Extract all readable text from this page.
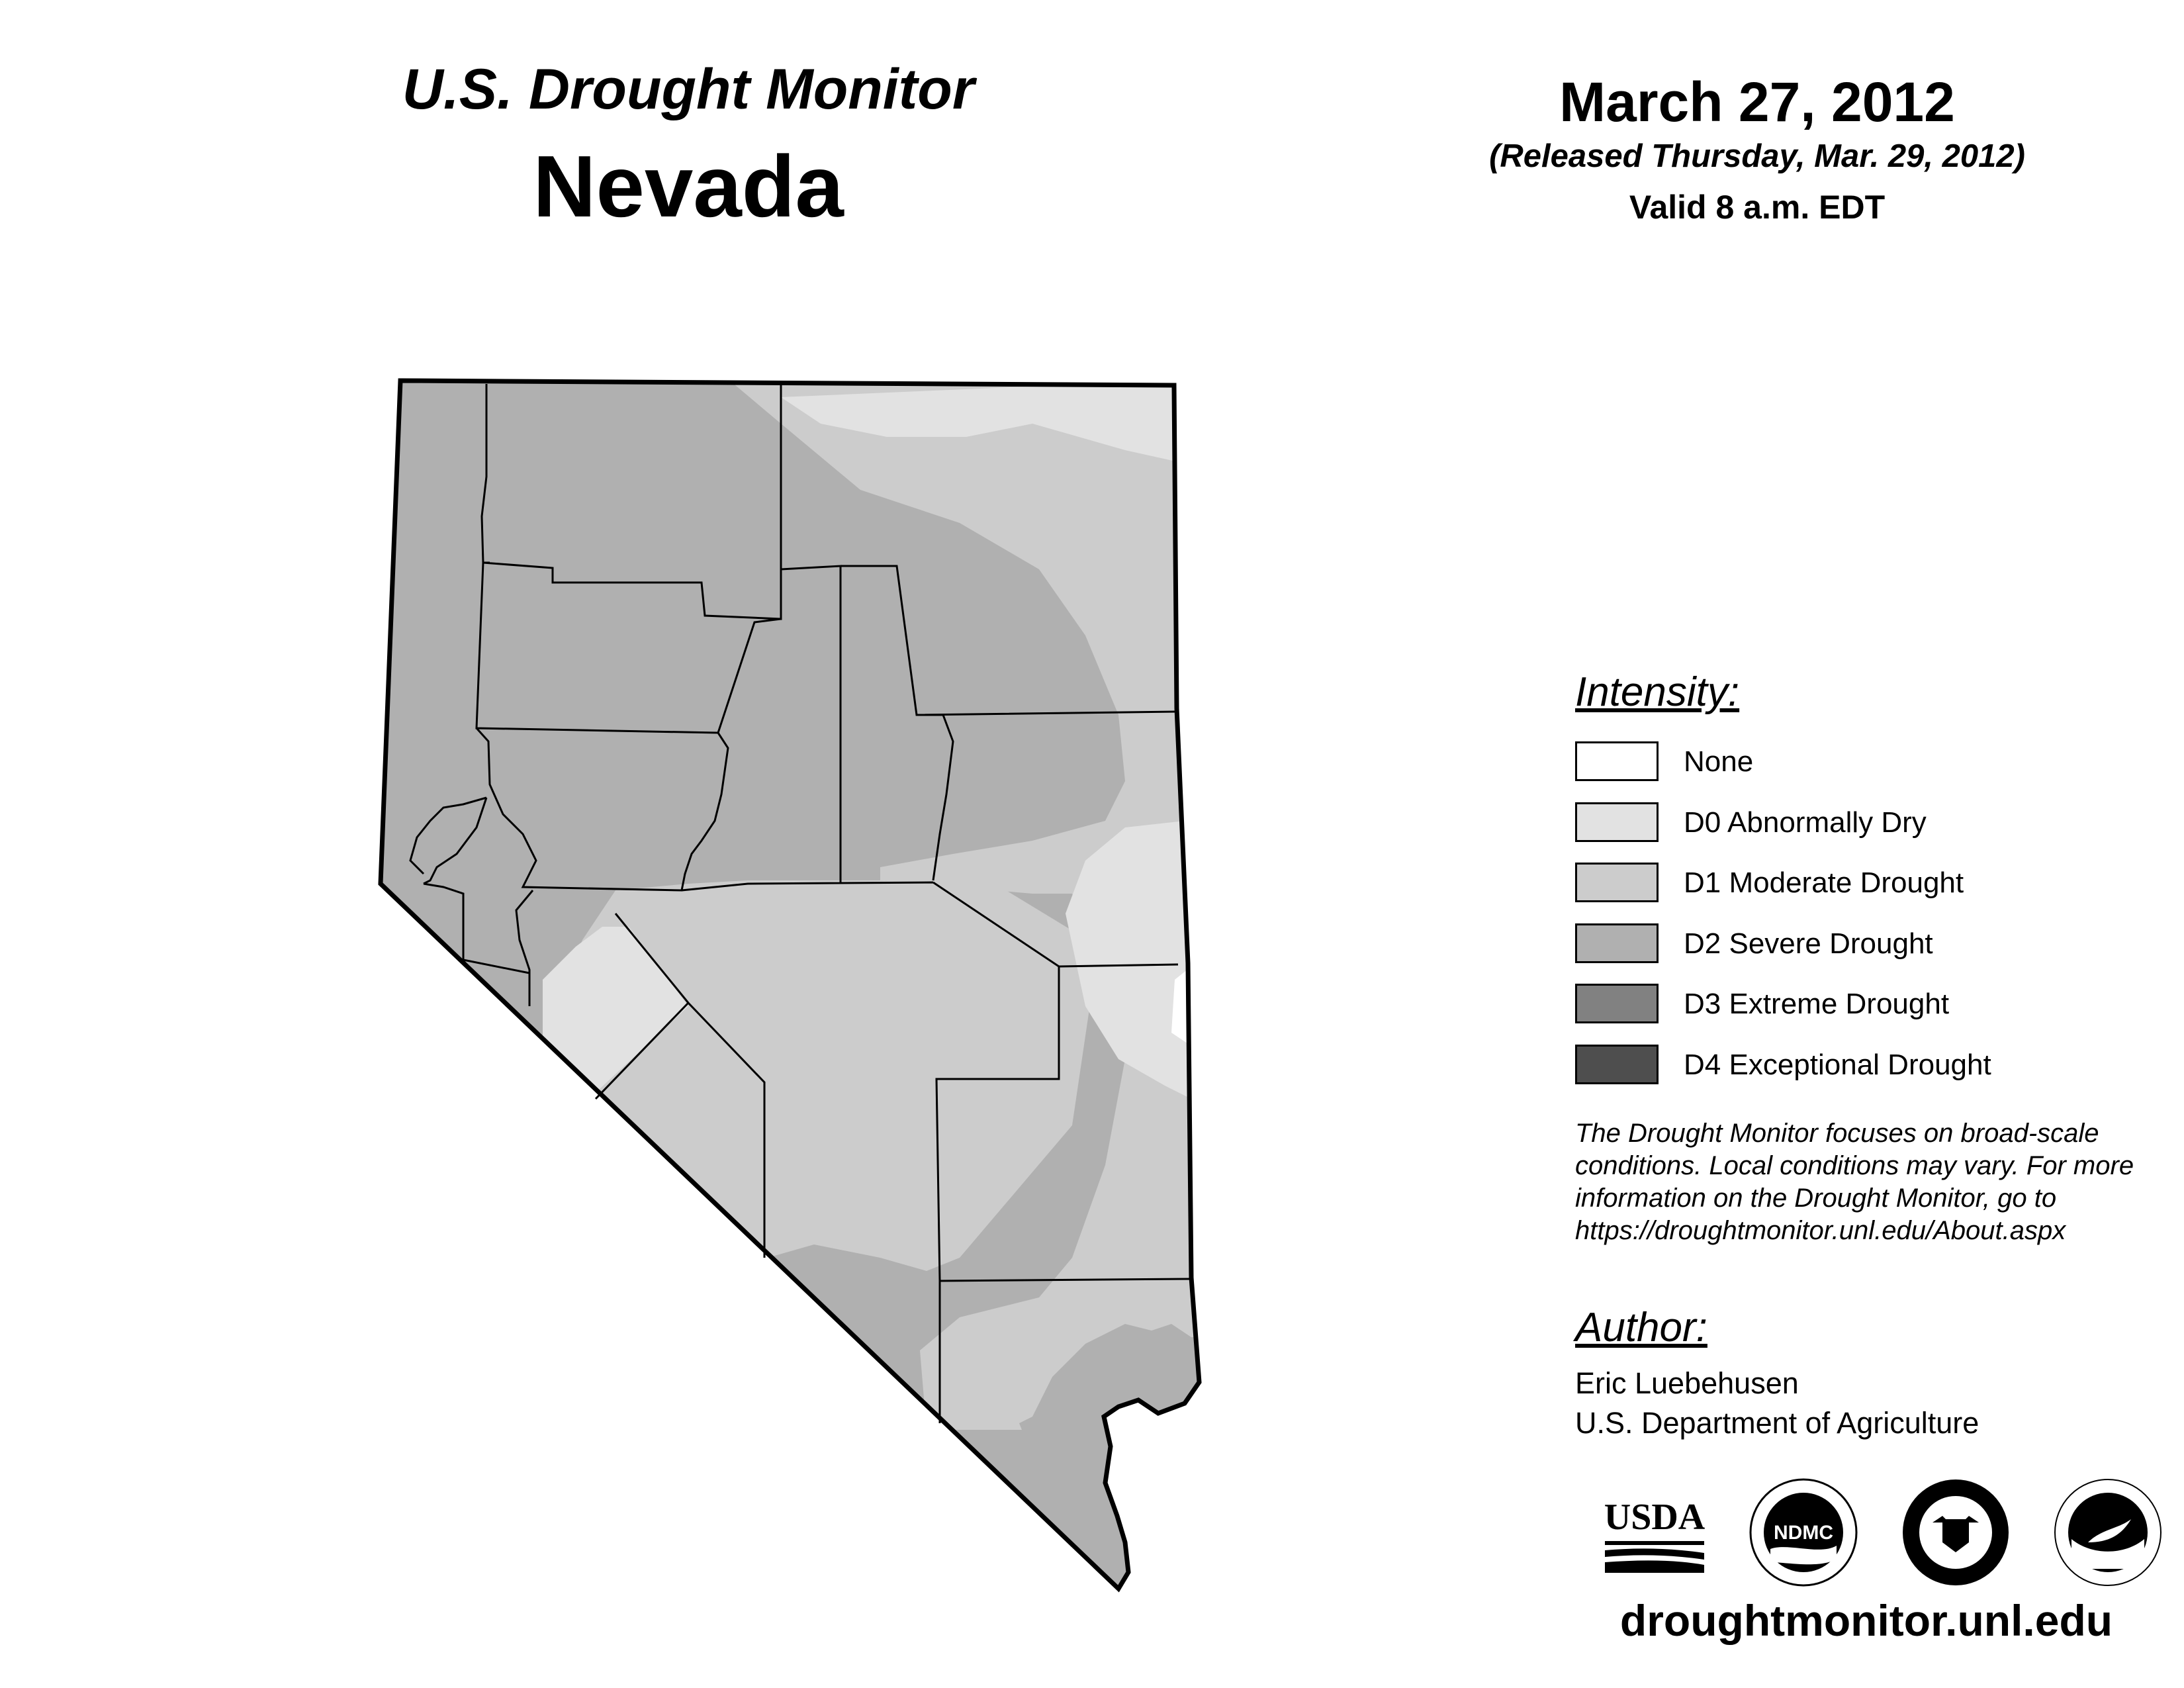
U.S. Drought Monitor
Nevada
March 27, 2012
(Released Thursday, Mar. 29, 2012)
Valid 8 a.m. EDT
Intensity:
None
D0 Abnormally Dry
D1 Moderate Drought
D2 Severe Drought
D3 Extreme Drought
D4 Exceptional Drought
The Drought Monitor focuses on broad-scale
conditions. Local conditions may vary. For more
information on the Drought Monitor, go to
https://droughtmonitor.unl.edu/About.aspx
Author:
Eric Luebehusen
U.S. Department of Agriculture
USDA	NDMC
droughtmonitor.unl.edu
